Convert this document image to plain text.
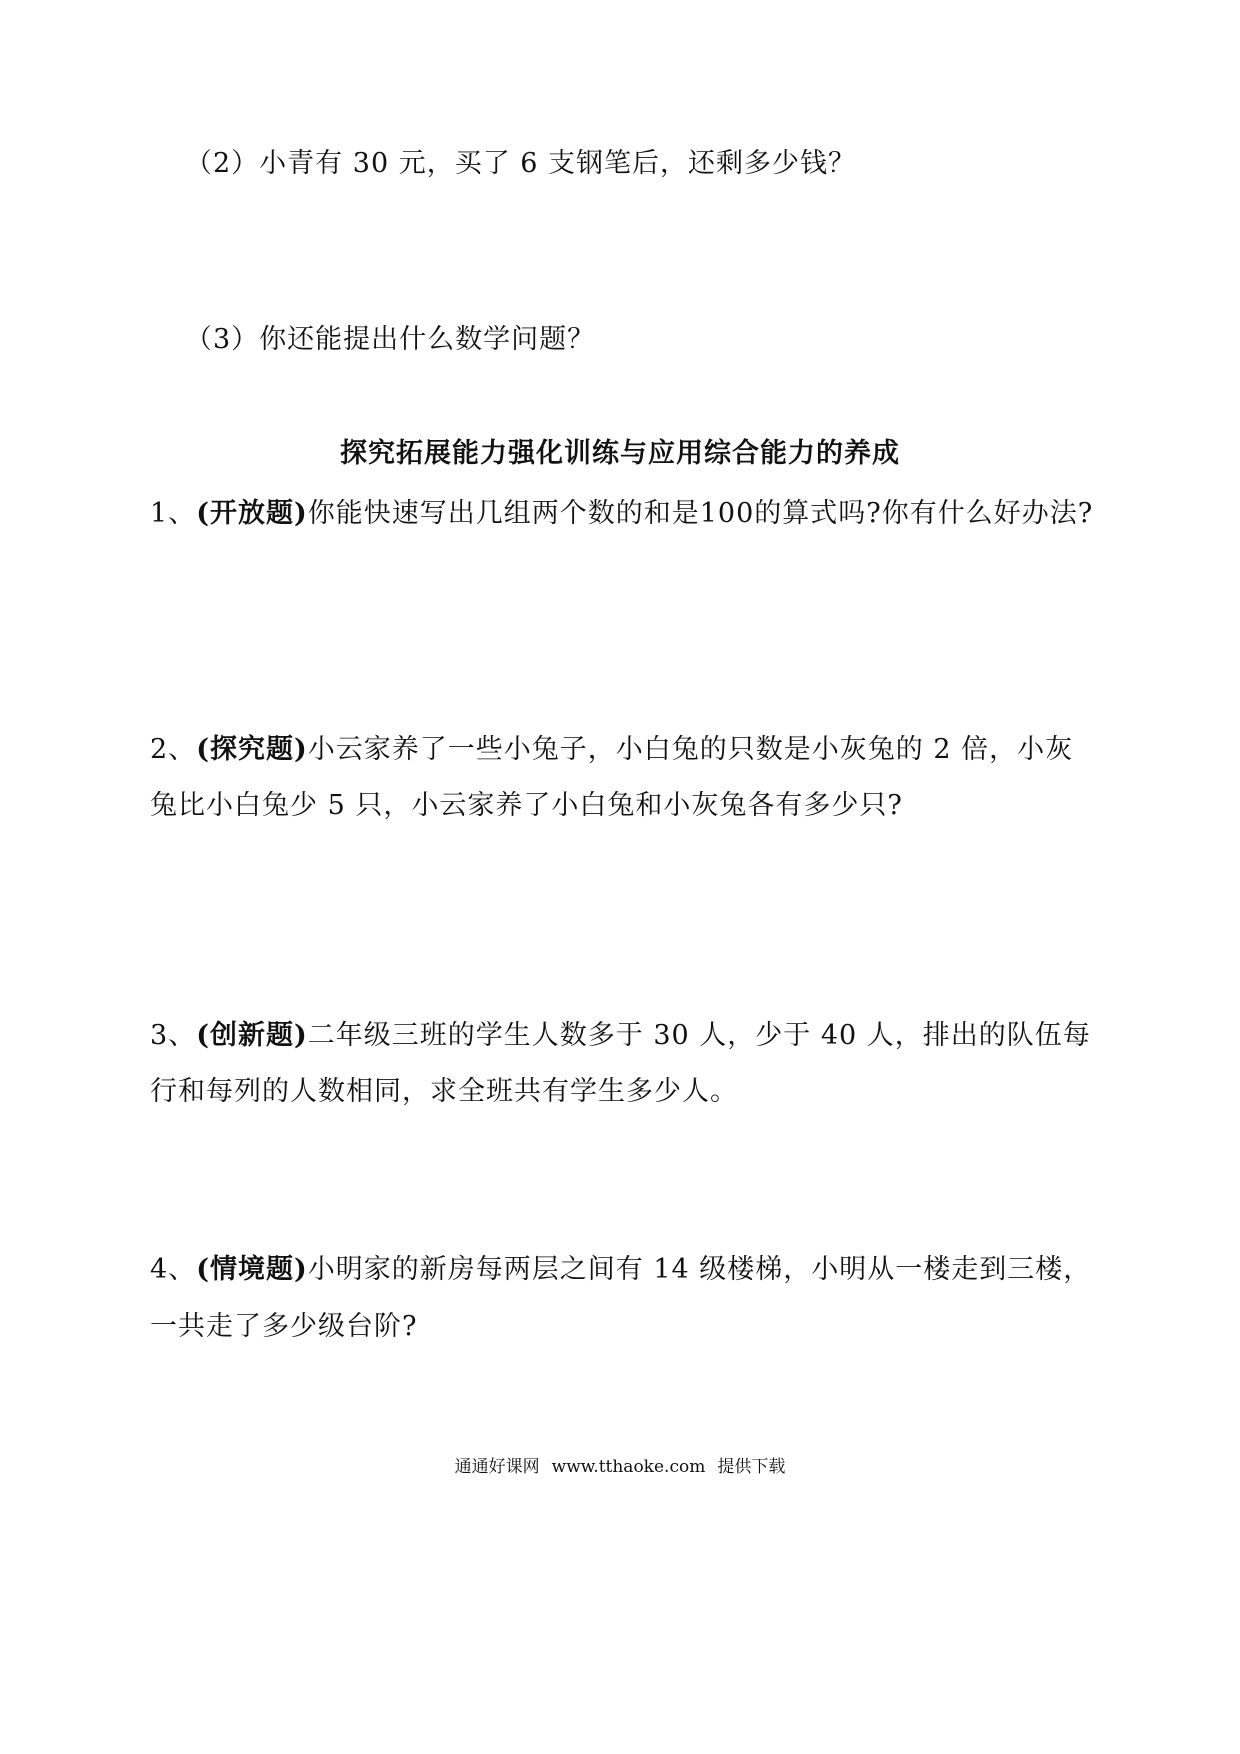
（2）小青有 30 元，买了 6 支钢笔后，还剩多少钱？
（3）你还能提出什么数学问题？
探究拓展能力强化训练与应用综合能力的养成
1、(开放题)你能快速写出几组两个数的和是100的算式吗?你有什么好办法?
2、(探究题)小云家养了一些小兔子，小白兔的只数是小灰兔的 2 倍，小灰
兔比小白兔少 5 只，小云家养了小白兔和小灰兔各有多少只?
3、(创新题)二年级三班的学生人数多于 30 人，少于 40 人，排出的队伍每
行和每列的人数相同，求全班共有学生多少人。
4、(情境题)小明家的新房每两层之间有 14 级楼梯，小明从一楼走到三楼，
一共走了多少级台阶?
通通好课网 www.tthaoke.com 提供下载
